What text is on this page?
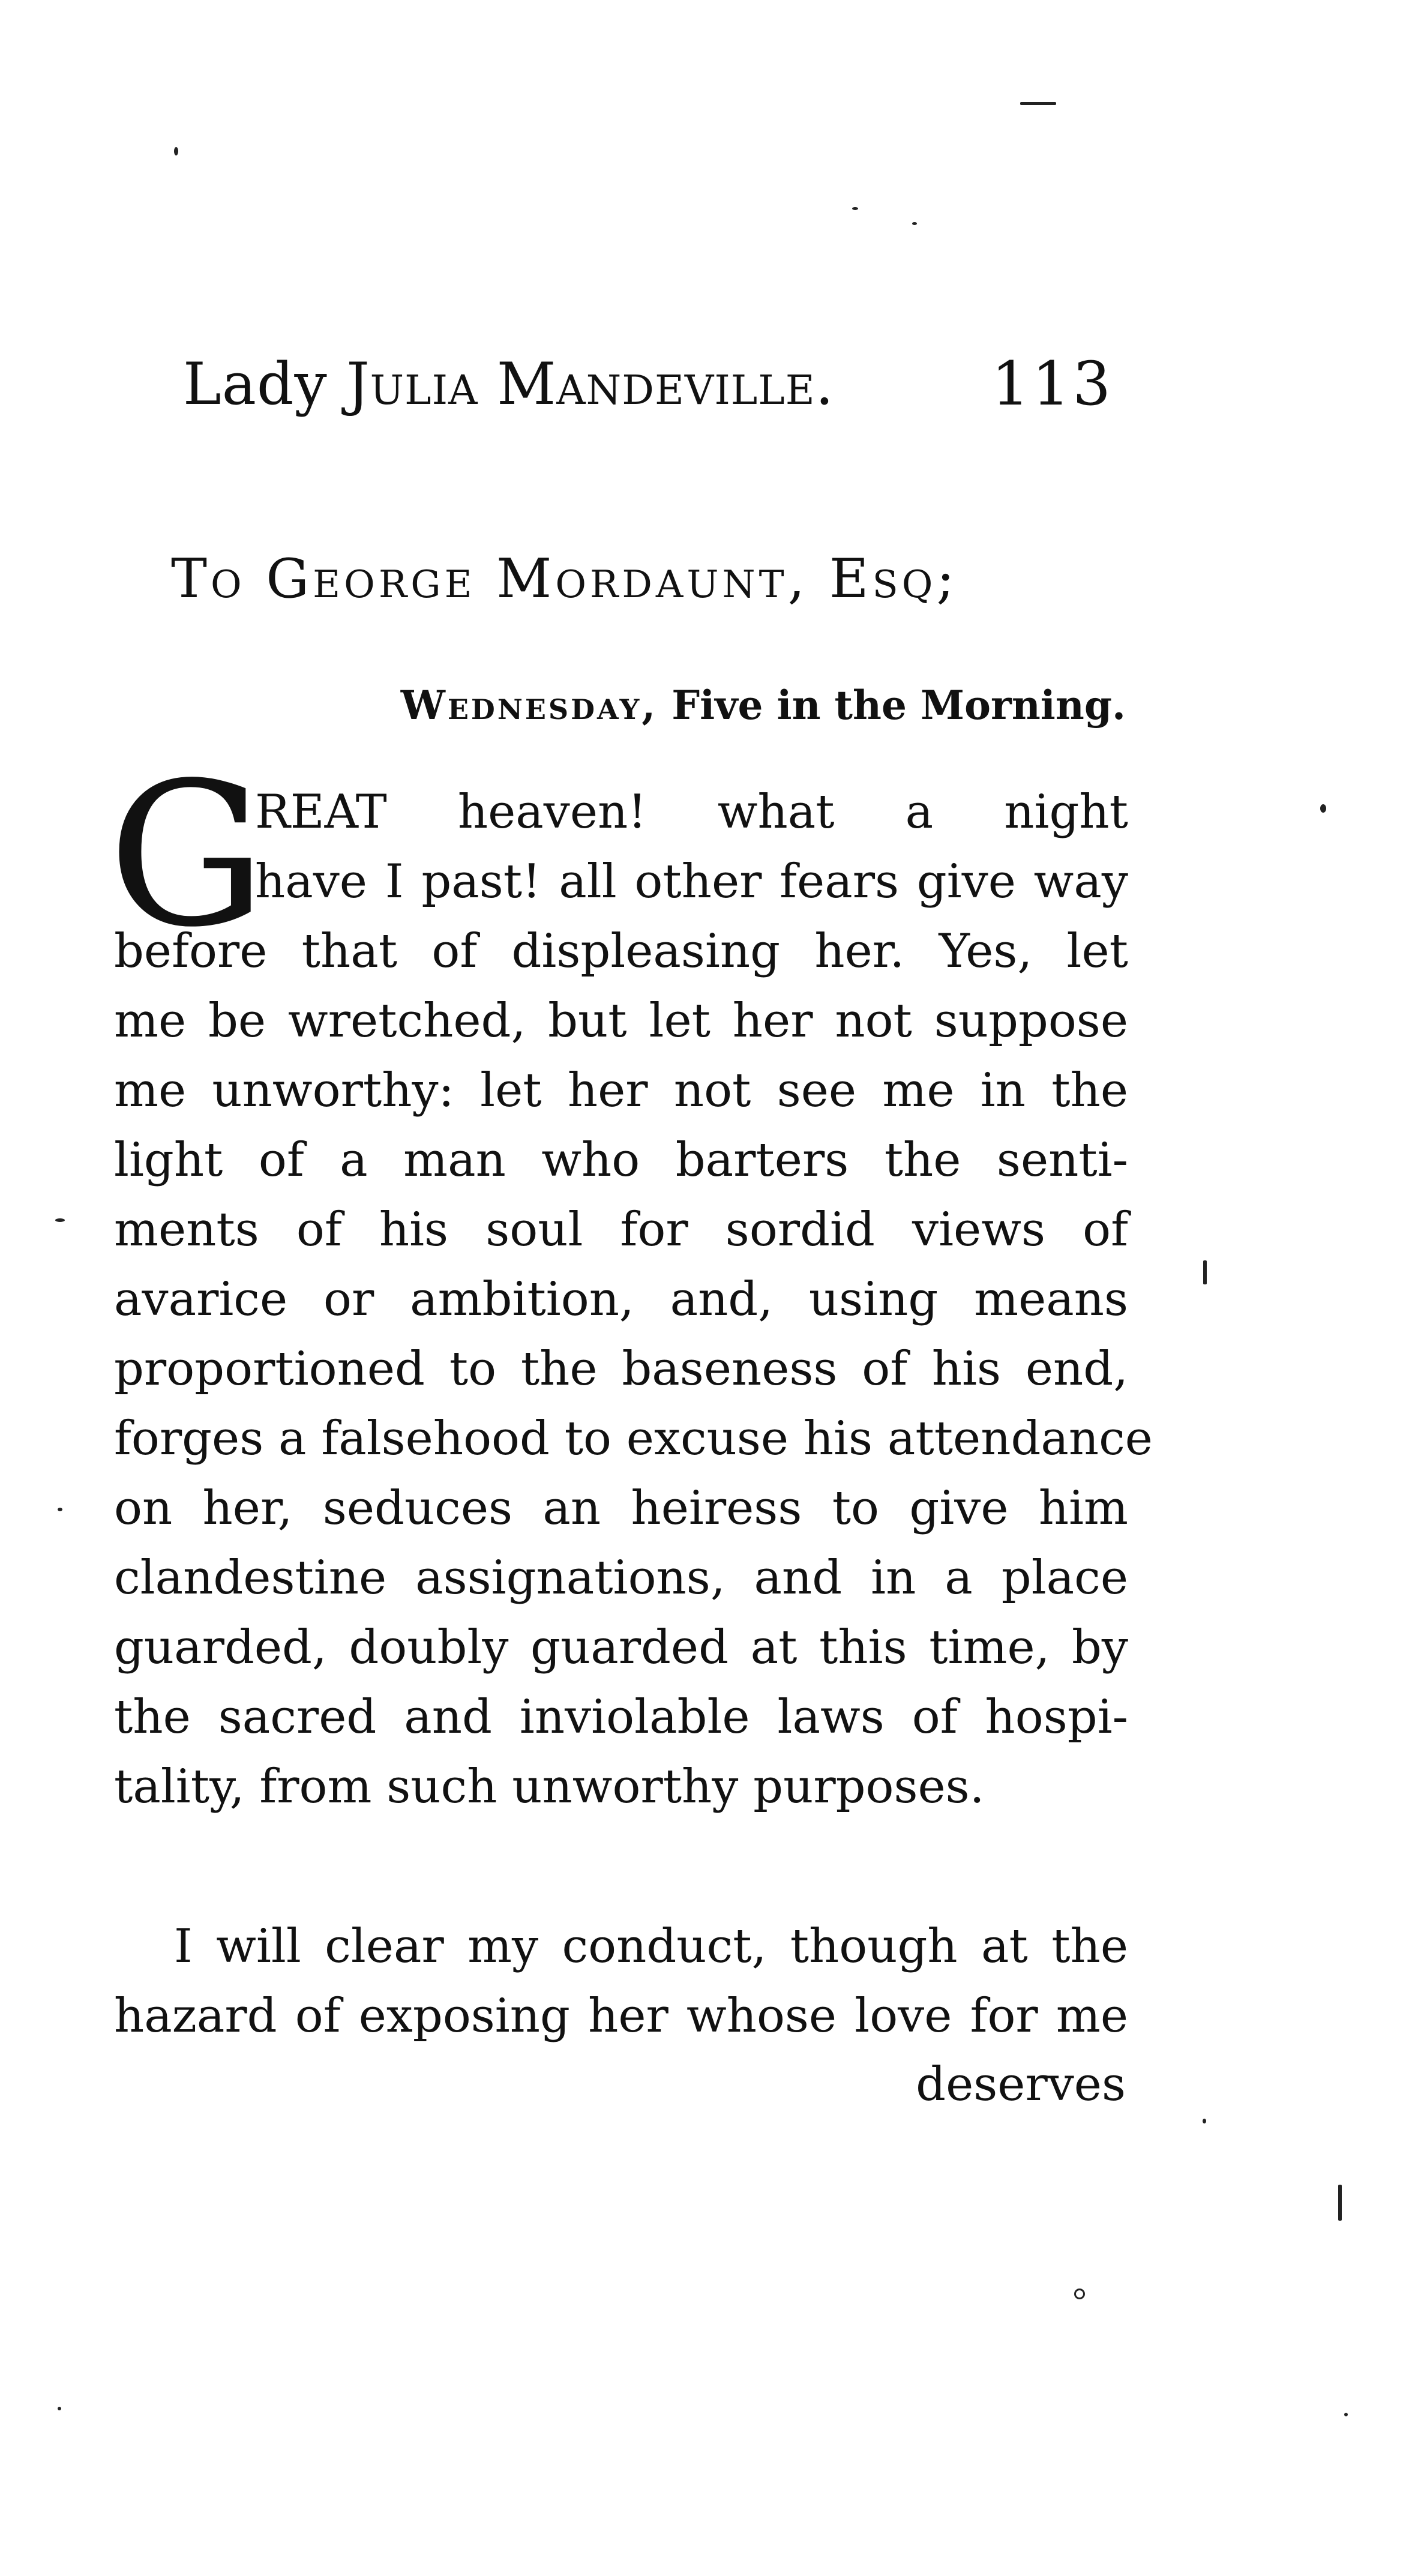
Lady Julia Mandeville.	113
To George Mordaunt, Esq;
Wednesday, Five in the Morning.
G
REAT heaven! what a night
have I past! all other fears give way
before that of displeasing her. Yes, let
me be wretched, but let her not suppose
me unworthy: let her not see me in the
light of a man who barters the senti-
ments of his soul for sordid views of
avarice or ambition, and, using means
proportioned to the baseness of his end,
forges a falsehood to excuse his attendance
on her, seduces an heiress to give him
clandestine assignations, and in a place
guarded, doubly guarded at this time, by
the sacred and inviolable laws of hospi-
tality, from such unworthy purposes.
I will clear my conduct, though at the
hazard of exposing her whose love for me
deserves
